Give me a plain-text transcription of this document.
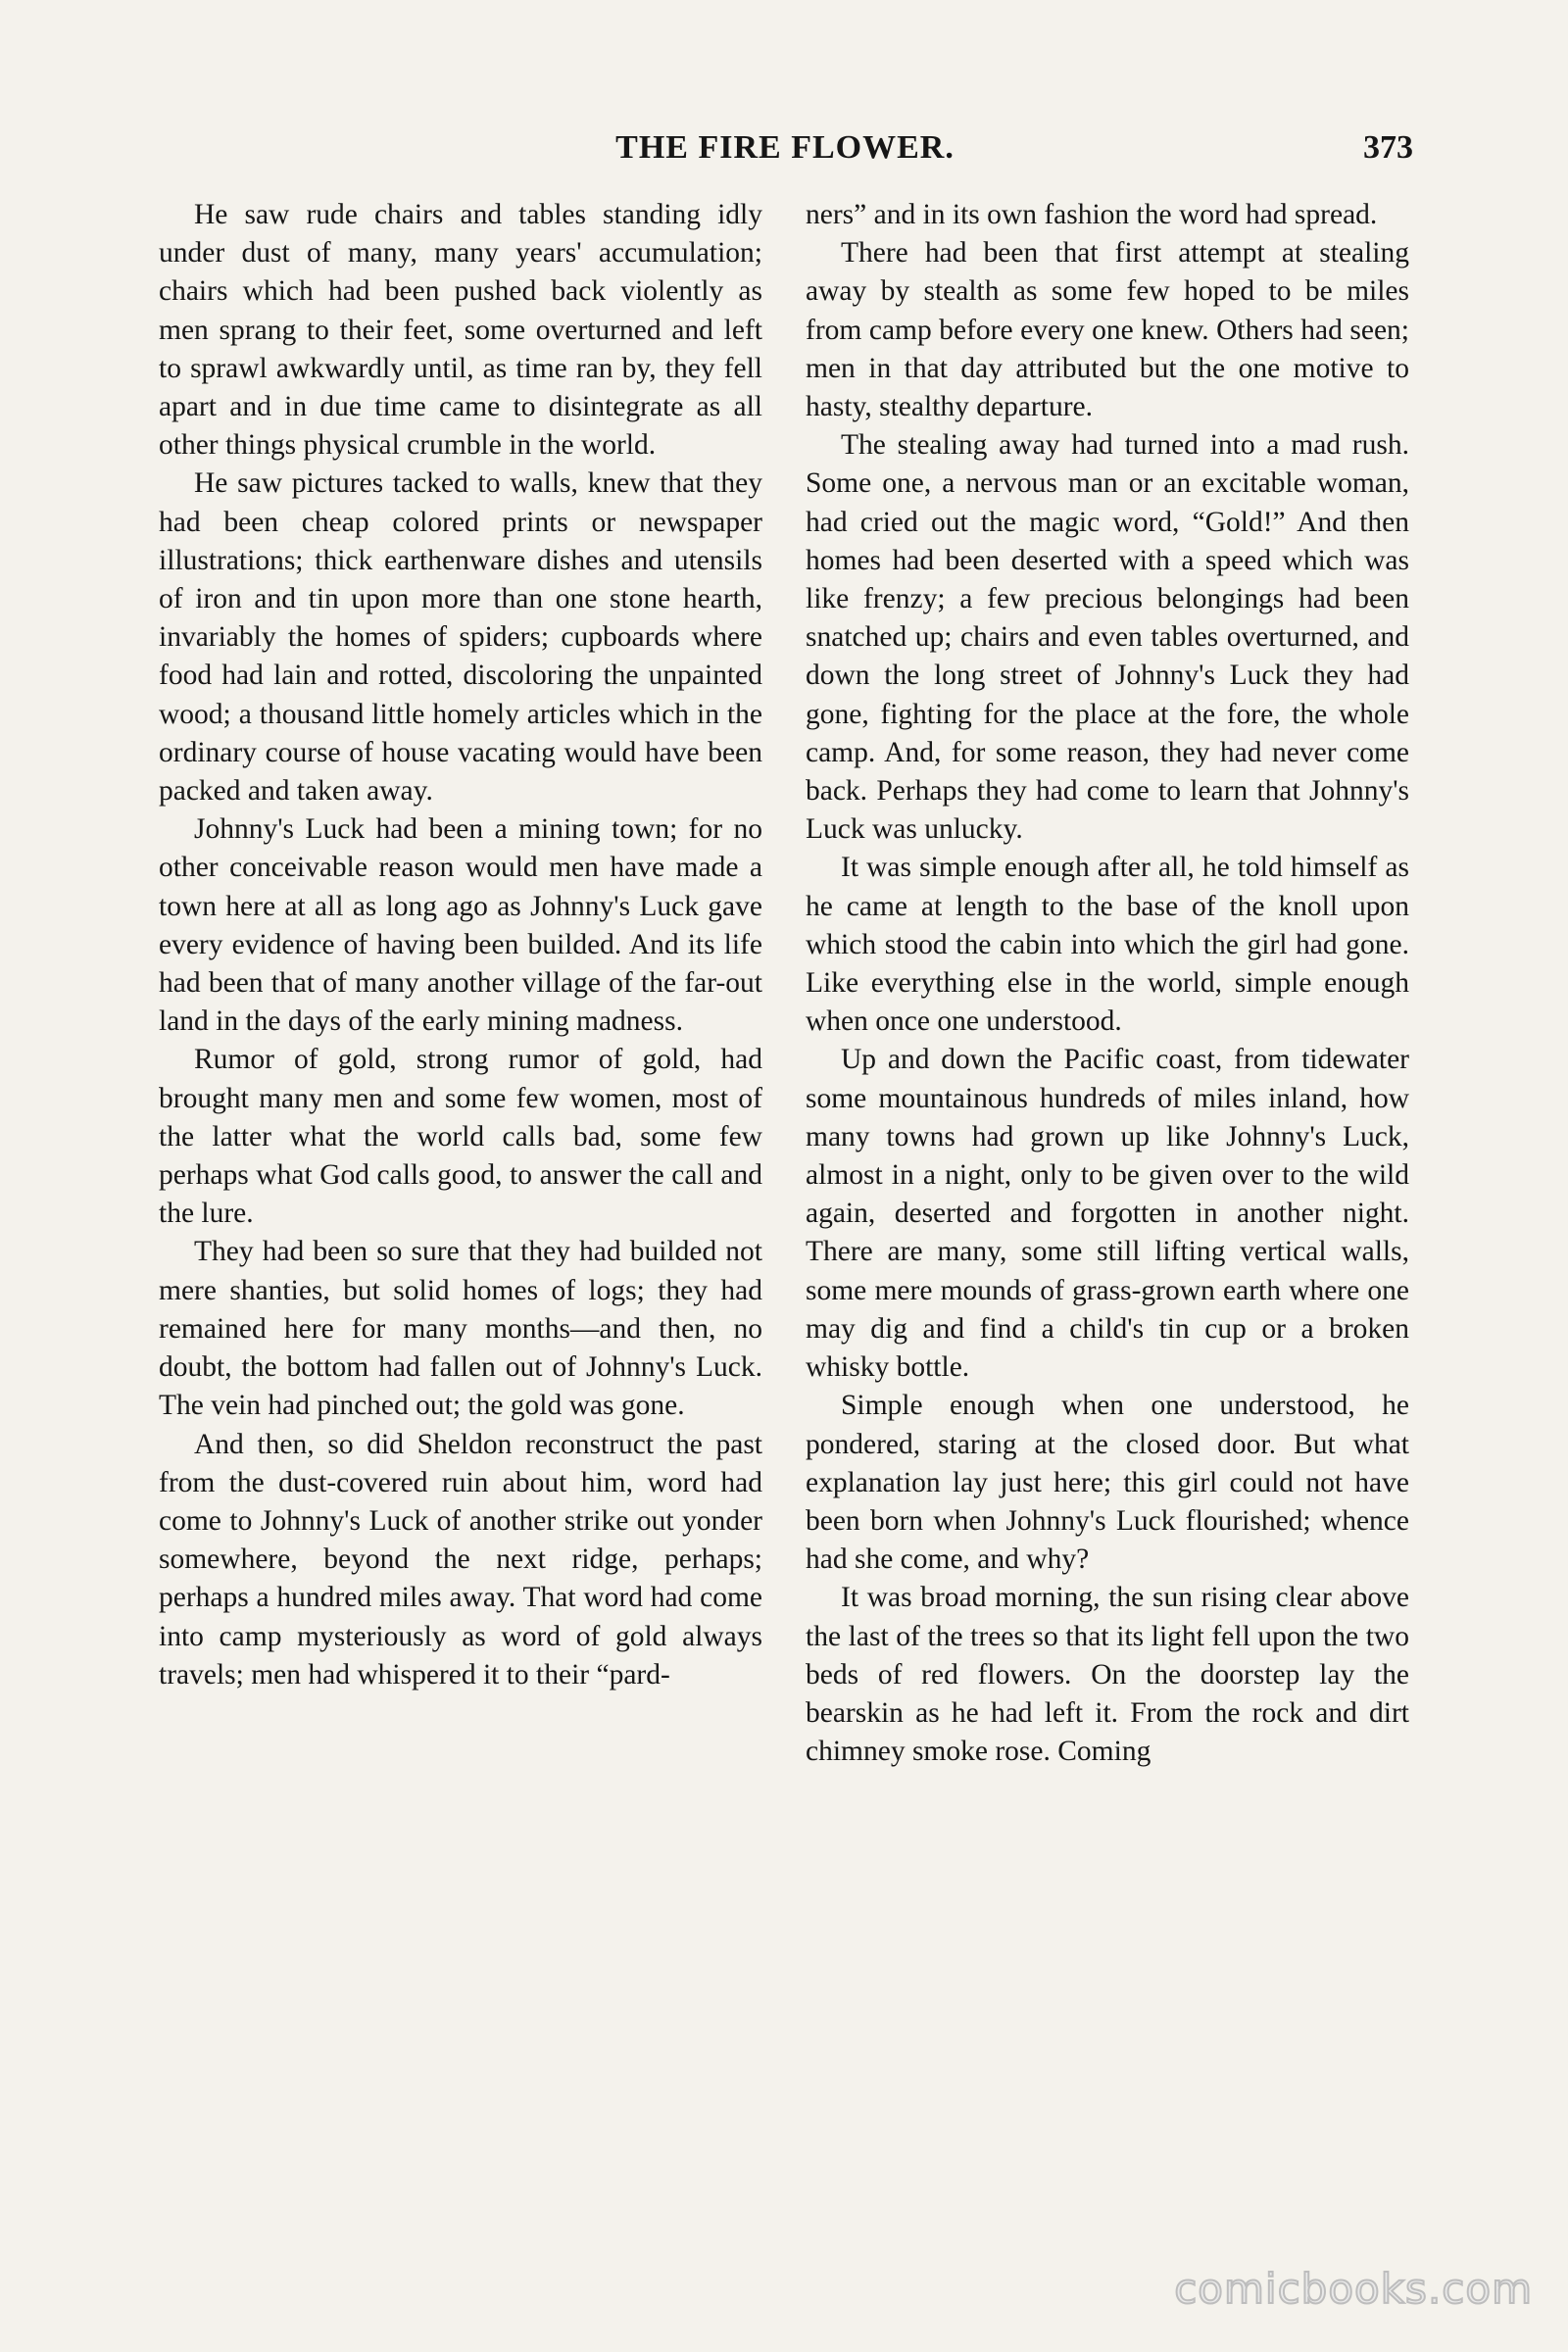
THE FIRE FLOWER.	373

He saw rude chairs and tables standing idly under dust of many, many years' accumulation; chairs which had been pushed back violently as men sprang to their feet, some overturned and left to sprawl awkwardly until, as time ran by, they fell apart and in due time came to disintegrate as all other things physical crumble in the world.

He saw pictures tacked to walls, knew that they had been cheap colored prints or newspaper illustrations; thick earthenware dishes and utensils of iron and tin upon more than one stone hearth, invariably the homes of spiders; cupboards where food had lain and rotted, discoloring the unpainted wood; a thousand little homely articles which in the ordinary course of house vacating would have been packed and taken away.

Johnny's Luck had been a mining town; for no other conceivable reason would men have made a town here at all as long ago as Johnny's Luck gave every evidence of having been builded. And its life had been that of many another village of the far-out land in the days of the early mining madness.

Rumor of gold, strong rumor of gold, had brought many men and some few women, most of the latter what the world calls bad, some few perhaps what God calls good, to answer the call and the lure.

They had been so sure that they had builded not mere shanties, but solid homes of logs; they had remained here for many months—and then, no doubt, the bottom had fallen out of Johnny's Luck. The vein had pinched out; the gold was gone.

And then, so did Sheldon reconstruct the past from the dust-covered ruin about him, word had come to Johnny's Luck of another strike out yonder somewhere, beyond the next ridge, perhaps; perhaps a hundred miles away. That word had come into camp mysteriously as word of gold always travels; men had whispered it to their “pard-

ners” and in its own fashion the word had spread.

There had been that first attempt at stealing away by stealth as some few hoped to be miles from camp before every one knew. Others had seen; men in that day attributed but the one motive to hasty, stealthy departure.

The stealing away had turned into a mad rush. Some one, a nervous man or an excitable woman, had cried out the magic word, “Gold!” And then homes had been deserted with a speed which was like frenzy; a few precious belongings had been snatched up; chairs and even tables overturned, and down the long street of Johnny's Luck they had gone, fighting for the place at the fore, the whole camp. And, for some reason, they had never come back. Perhaps they had come to learn that Johnny's Luck was unlucky.

It was simple enough after all, he told himself as he came at length to the base of the knoll upon which stood the cabin into which the girl had gone. Like everything else in the world, simple enough when once one understood.

Up and down the Pacific coast, from tidewater some mountainous hundreds of miles inland, how many towns had grown up like Johnny's Luck, almost in a night, only to be given over to the wild again, deserted and forgotten in another night. There are many, some still lifting vertical walls, some mere mounds of grass-grown earth where one may dig and find a child's tin cup or a broken whisky bottle.

Simple enough when one understood, he pondered, staring at the closed door. But what explanation lay just here; this girl could not have been born when Johnny's Luck flourished; whence had she come, and why?

It was broad morning, the sun rising clear above the last of the trees so that its light fell upon the two beds of red flowers. On the doorstep lay the bearskin as he had left it. From the rock and dirt chimney smoke rose. Coming

comicbooks.com
